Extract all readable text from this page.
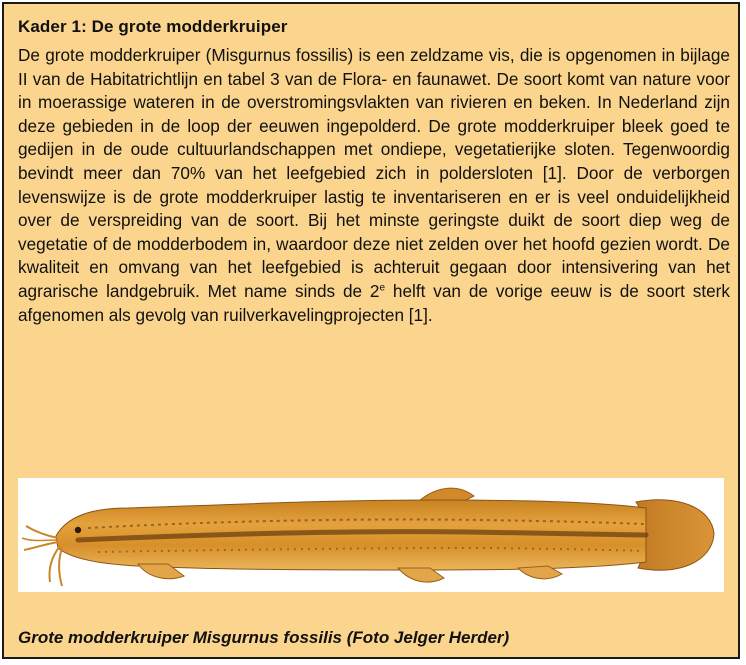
Kader 1: De grote modderkruiper
De grote modderkruiper (Misgurnus fossilis) is een zeldzame vis, die is opgenomen in bijlage II van de Habitatrichtlijn en tabel 3 van de Flora- en faunawet. De soort komt van nature voor in moerassige wateren in de overstromingsvlakten van rivieren en beken. In Nederland zijn deze gebieden in de loop der eeuwen ingepolderd. De grote modderkruiper bleek goed te gedijen in de oude cultuurlandschappen met ondiepe, vegetatierijke sloten. Tegenwoordig bevindt meer dan 70% van het leefgebied zich in poldersloten [1]. Door de verborgen levenswijze is de grote modderkruiper lastig te inventariseren en er is veel onduidelijkheid over de verspreiding van de soort. Bij het minste geringste duikt de soort diep weg de vegetatie of de modderbodem in, waardoor deze niet zelden over het hoofd gezien wordt. De kwaliteit en omvang van het leefgebied is achteruit gegaan door intensivering van het agrarische landgebruik. Met name sinds de 2e helft van de vorige eeuw is de soort sterk afgenomen als gevolg van ruilverkavelingprojecten [1].
Grote modderkruiper Misgurnus fossilis (Foto Jelger Herder)
